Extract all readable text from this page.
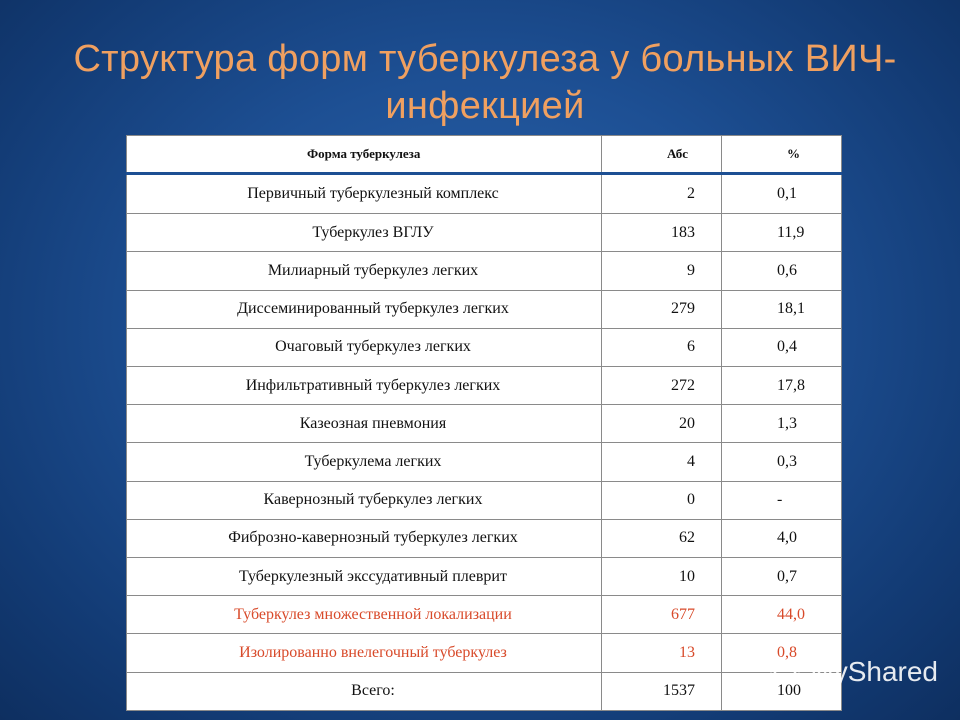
Структура форм туберкулеза у больных ВИЧ-инфекцией
Форма туберкулеза	Абс	%
Первичный туберкулезный комплекс	2	0,1
Туберкулез ВГЛУ	183	11,9
Милиарный туберкулез легких	9	0,6
Диссеминированный туберкулез легких	279	18,1
Очаговый туберкулез легких	6	0,4
Инфильтративный туберкулез легких	272	17,8
Казеозная пневмония	20	1,3
Туберкулема легких	4	0,3
Кавернозный туберкулез легких	0	-
Фиброзно-кавернозный туберкулез легких	62	4,0
Туберкулезный экссудативный плеврит	10	0,7
Туберкулез множественной локализации	677	44,0
Изолированно внелегочный туберкулез	13	0,8
Всего:	1537	100
MyShared
